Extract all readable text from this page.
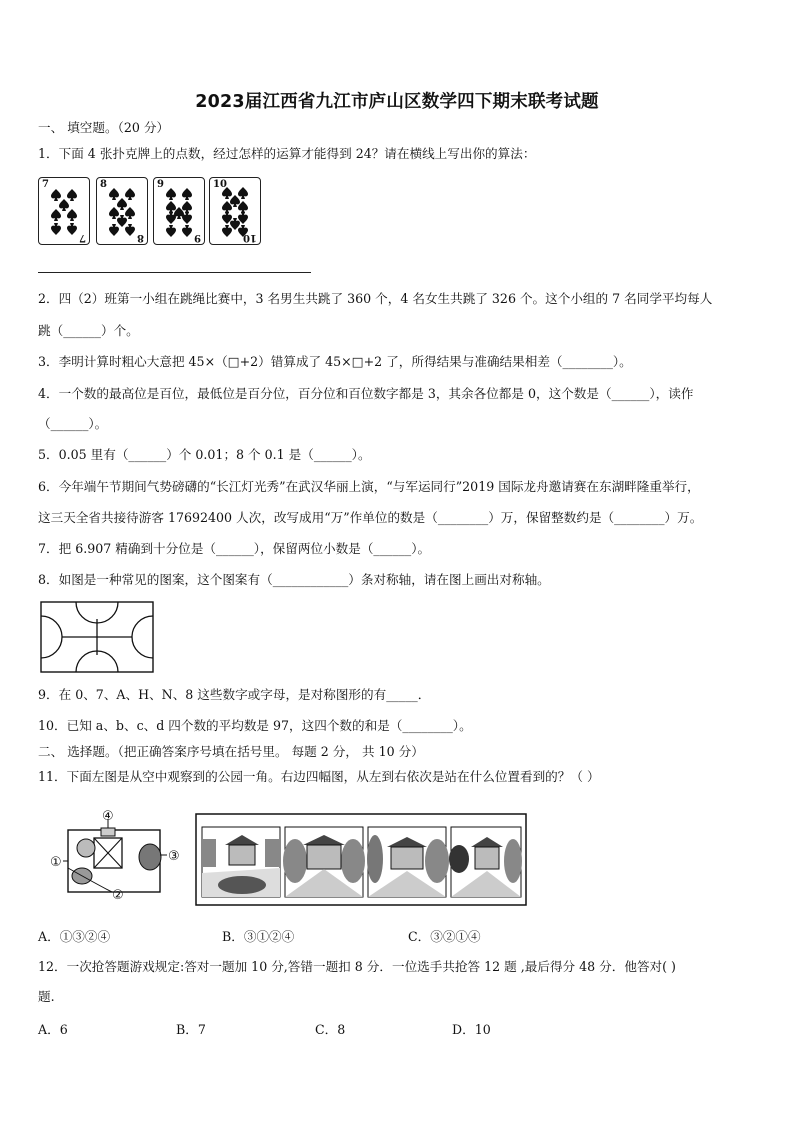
2023届江西省九江市庐山区数学四下期末联考试题
一、 填空题。（20 分）
1．下面 4 张扑克牌上的点数，经过怎样的运算才能得到 24？请在横线上写出你的算法：
7
7
8
8
9
9
10
10
2．四（2）班第一小组在跳绳比赛中，3 名男生共跳了 360 个，4 名女生共跳了 326 个。这个小组的 7 名同学平均每人
跳（______）个。
3．李明计算时粗心大意把 45×（□+2）错算成了 45×□+2 了，所得结果与准确结果相差（________）。
4．一个数的最高位是百位，最低位是百分位，百分位和百位数字都是 3，其余各位都是 0，这个数是（______），读作
（______）。
5．0.05 里有（______）个 0.01；8 个 0.1 是（______）。
6．今年端午节期间气势磅礴的“长江灯光秀”在武汉华丽上演，“与军运同行”2019 国际龙舟邀请赛在东湖畔隆重举行，
这三天全省共接待游客 17692400 人次，改写成用“万”作单位的数是（________）万，保留整数约是（________）万。
7．把 6.907 精确到十分位是（______），保留两位小数是（______）。
8．如图是一种常见的图案，这个图案有（____________）条对称轴，请在图上画出对称轴。
9．在 0、7、A、H、N、8 这些数字或字母，是对称图形的有_____．
10．已知 a、b、c、d 四个数的平均数是 97，这四个数的和是（________）。
二、 选择题。（把正确答案序号填在括号里。 每题 2 分， 共 10 分）
11．下面左图是从空中观察到的公园一角。右边四幅图，从左到右依次是站在什么位置看到的？（ ）
①
②
③
④
A．①③②④	B．③①②④	C．③②①④
12．一次抢答题游戏规定:答对一题加 10 分,答错一题扣 8 分．一位选手共抢答 12 题 ,最后得分 48 分．他答对( )
题.
A．6	B．7	C．8	D．10
